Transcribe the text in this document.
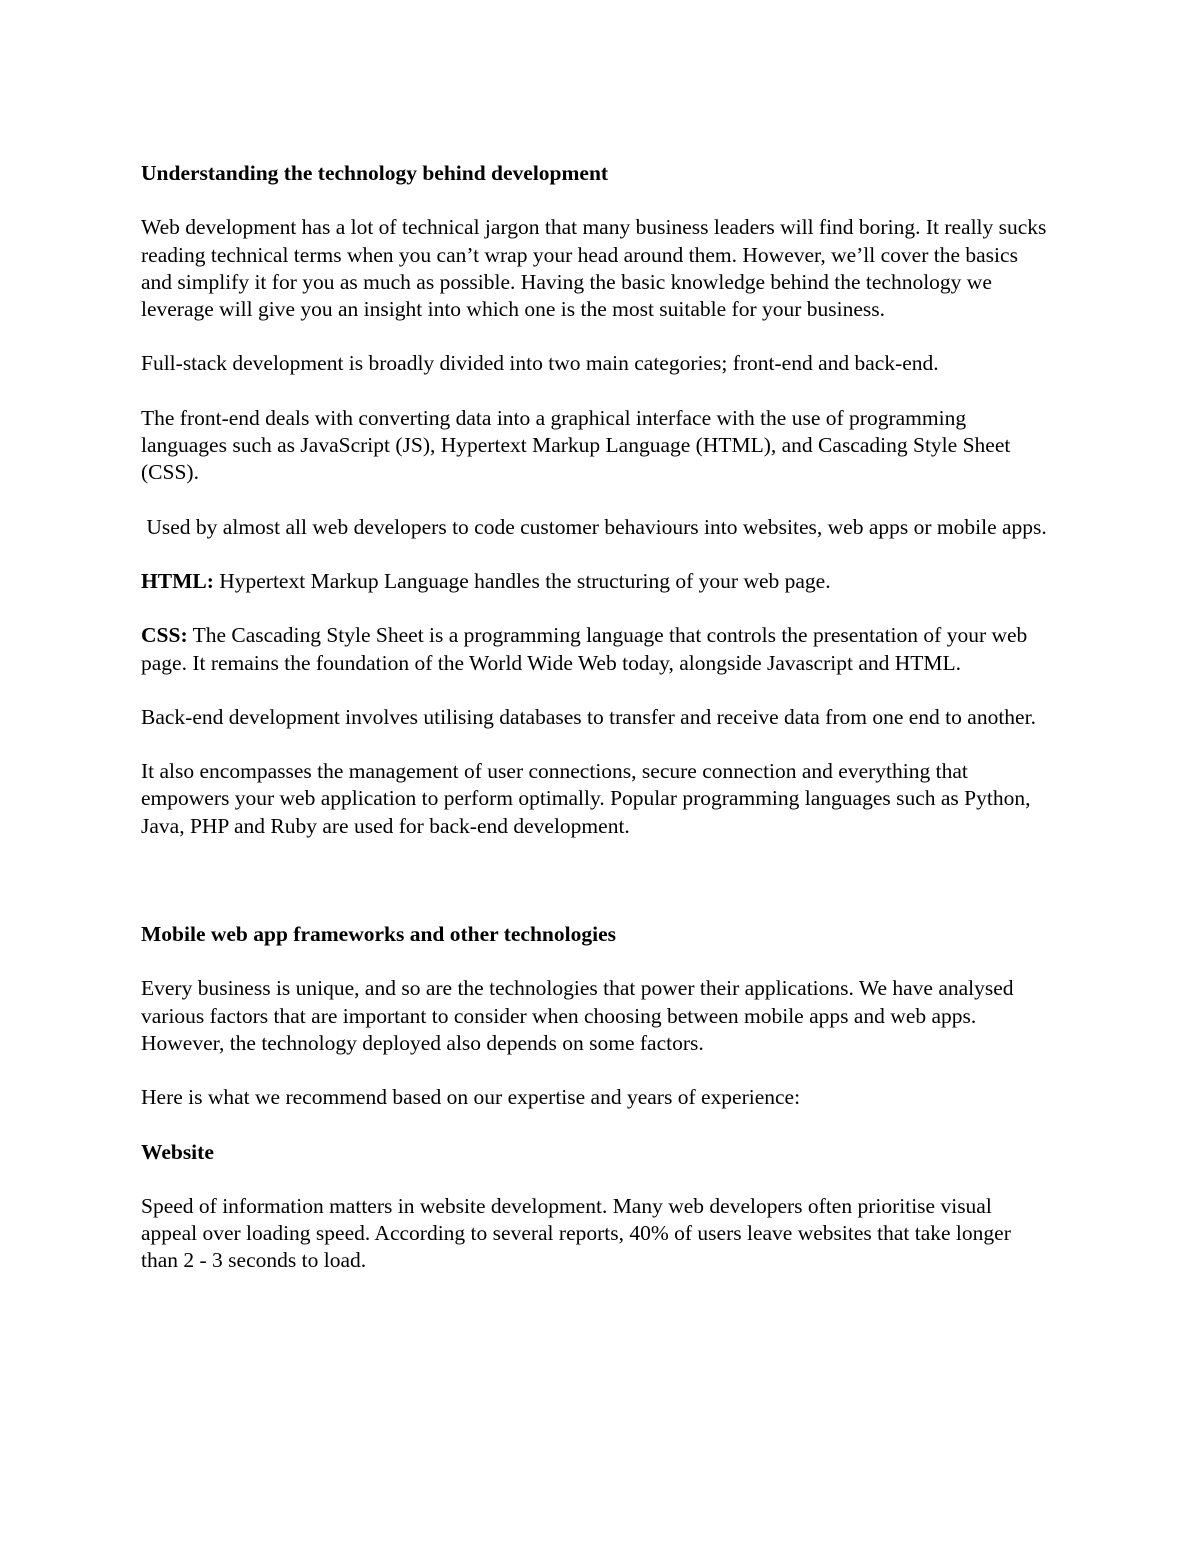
Understanding the technology behind development

Web development has a lot of technical jargon that many business leaders will find boring. It really sucks reading technical terms when you can’t wrap your head around them. However, we’ll cover the basics and simplify it for you as much as possible. Having the basic knowledge behind the technology we leverage will give you an insight into which one is the most suitable for your business.

Full-stack development is broadly divided into two main categories; front-end and back-end.

The front-end deals with converting data into a graphical interface with the use of programming languages such as JavaScript (JS), Hypertext Markup Language (HTML), and Cascading Style Sheet (CSS).

Used by almost all web developers to code customer behaviours into websites, web apps or mobile apps.

HTML: Hypertext Markup Language handles the structuring of your web page.

CSS: The Cascading Style Sheet is a programming language that controls the presentation of your web page. It remains the foundation of the World Wide Web today, alongside Javascript and HTML.

Back-end development involves utilising databases to transfer and receive data from one end to another.

It also encompasses the management of user connections, secure connection and everything that empowers your web application to perform optimally. Popular programming languages such as Python, Java, PHP and Ruby are used for back-end development.

Mobile web app frameworks and other technologies

Every business is unique, and so are the technologies that power their applications. We have analysed various factors that are important to consider when choosing between mobile apps and web apps. However, the technology deployed also depends on some factors.

Here is what we recommend based on our expertise and years of experience:

Website

Speed of information matters in website development. Many web developers often prioritise visual appeal over loading speed. According to several reports, 40% of users leave websites that take longer than 2 - 3 seconds to load.
